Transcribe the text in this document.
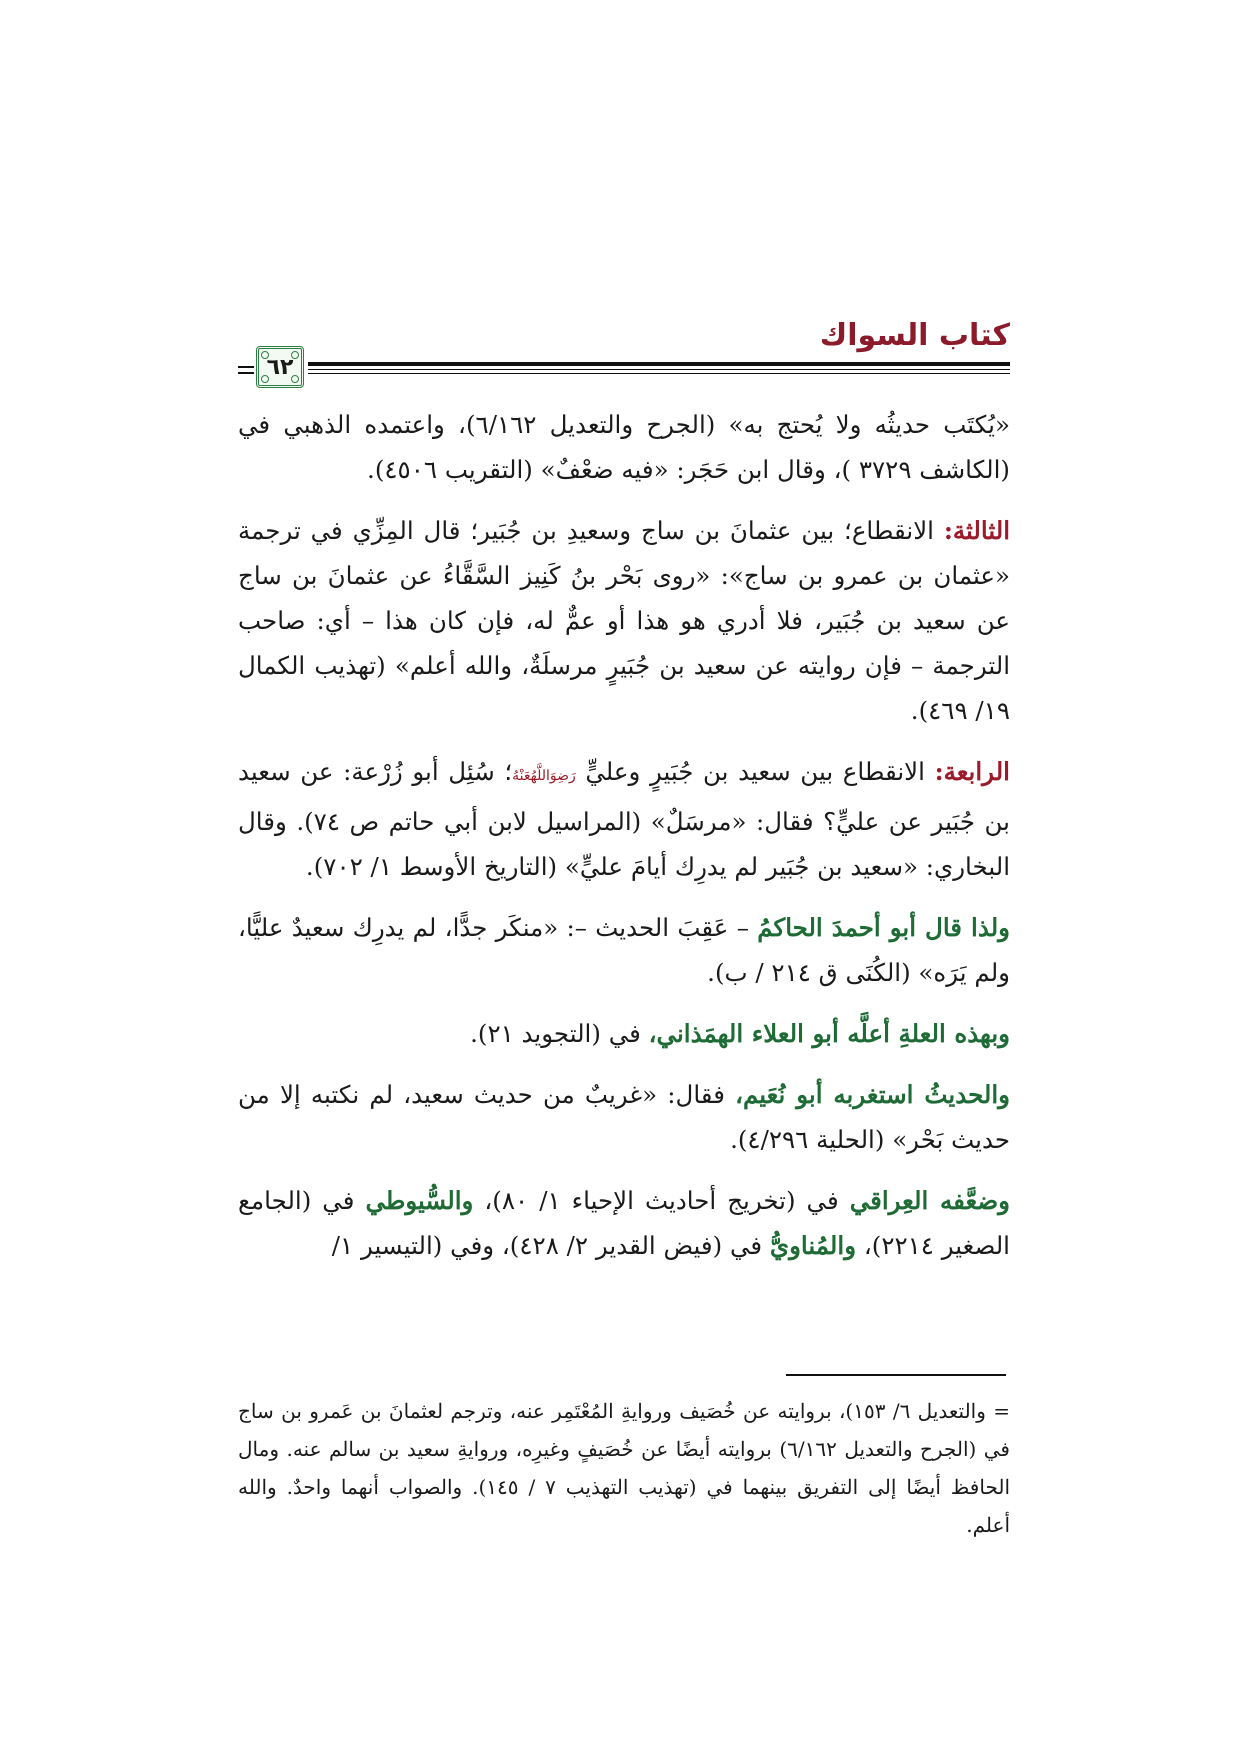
كتاب السواك
٦٢

«يُكتَب حديثُه ولا يُحتج به» (الجرح والتعديل ٦/١٦٢)، واعتمده الذهبي في (الكاشف ٣٧٢٩ )، وقال ابن حَجَر: «فيه ضعْفٌ» (التقريب ٤٥٠٦).

الثالثة: الانقطاع؛ بين عثمانَ بن ساج وسعيدِ بن جُبَير؛ قال المِزِّي في ترجمة «عثمان بن عمرو بن ساج»: «روى بَحْر بنُ كَنِيز السَّقَّاءُ عن عثمانَ بن ساج عن سعيد بن جُبَير، فلا أدري هو هذا أو عمٌّ له، فإن كان هذا – أي: صاحب الترجمة – فإن روايته عن سعيد بن جُبَيرٍ مرسلَةٌ، والله أعلم» (تهذيب الكمال ١٩/ ٤٦٩).

الرابعة: الانقطاع بين سعيد بن جُبَيرٍ وعليٍّ رَضِوَاللَّهُعَنْهُ؛ سُئِل أبو زُرْعة: عن سعيد بن جُبَير عن عليٍّ؟ فقال: «مرسَلٌ» (المراسيل لابن أبي حاتم ص ٧٤). وقال البخاري: «سعيد بن جُبَير لم يدرِك أيامَ عليٍّ» (التاريخ الأوسط ١/ ٧٠٢).

ولذا قال أبو أحمدَ الحاكمُ – عَقِبَ الحديث –: «منكَر جدًّا، لم يدرِك سعيدٌ عليًّا، ولم يَرَه» (الكُنَى ق ٢١٤ / ب).

وبهذه العلةِ أعلَّه أبو العلاء الهمَذاني، في (التجويد ٢١).

والحديثُ استغربه أبو نُعَيم، فقال: «غريبٌ من حديث سعيد، لم نكتبه إلا من حديث بَحْر» (الحلية ٤/٢٩٦).

وضعَّفه العِراقي في (تخريج أحاديث الإحياء ١/ ٨٠)، والسُّيوطي في (الجامع الصغير ٢٢١٤)، والمُناويُّ في (فيض القدير ٢/ ٤٢٨)، وفي (التيسير ١/

= والتعديل ٦/ ١٥٣)، بروايته عن خُصَيف وروايةِ المُعْتَمِر عنه، وترجم لعثمانَ بن عَمرو بن ساج في (الجرح والتعديل ٦/١٦٢) بروايته أيضًا عن خُصَيفٍ وغيرِه، وروايةِ سعيد بن سالم عنه. ومال الحافظ أيضًا إلى التفريق بينهما في (تهذيب التهذيب ٧ / ١٤٥). والصواب أنهما واحدٌ. والله أعلم.
